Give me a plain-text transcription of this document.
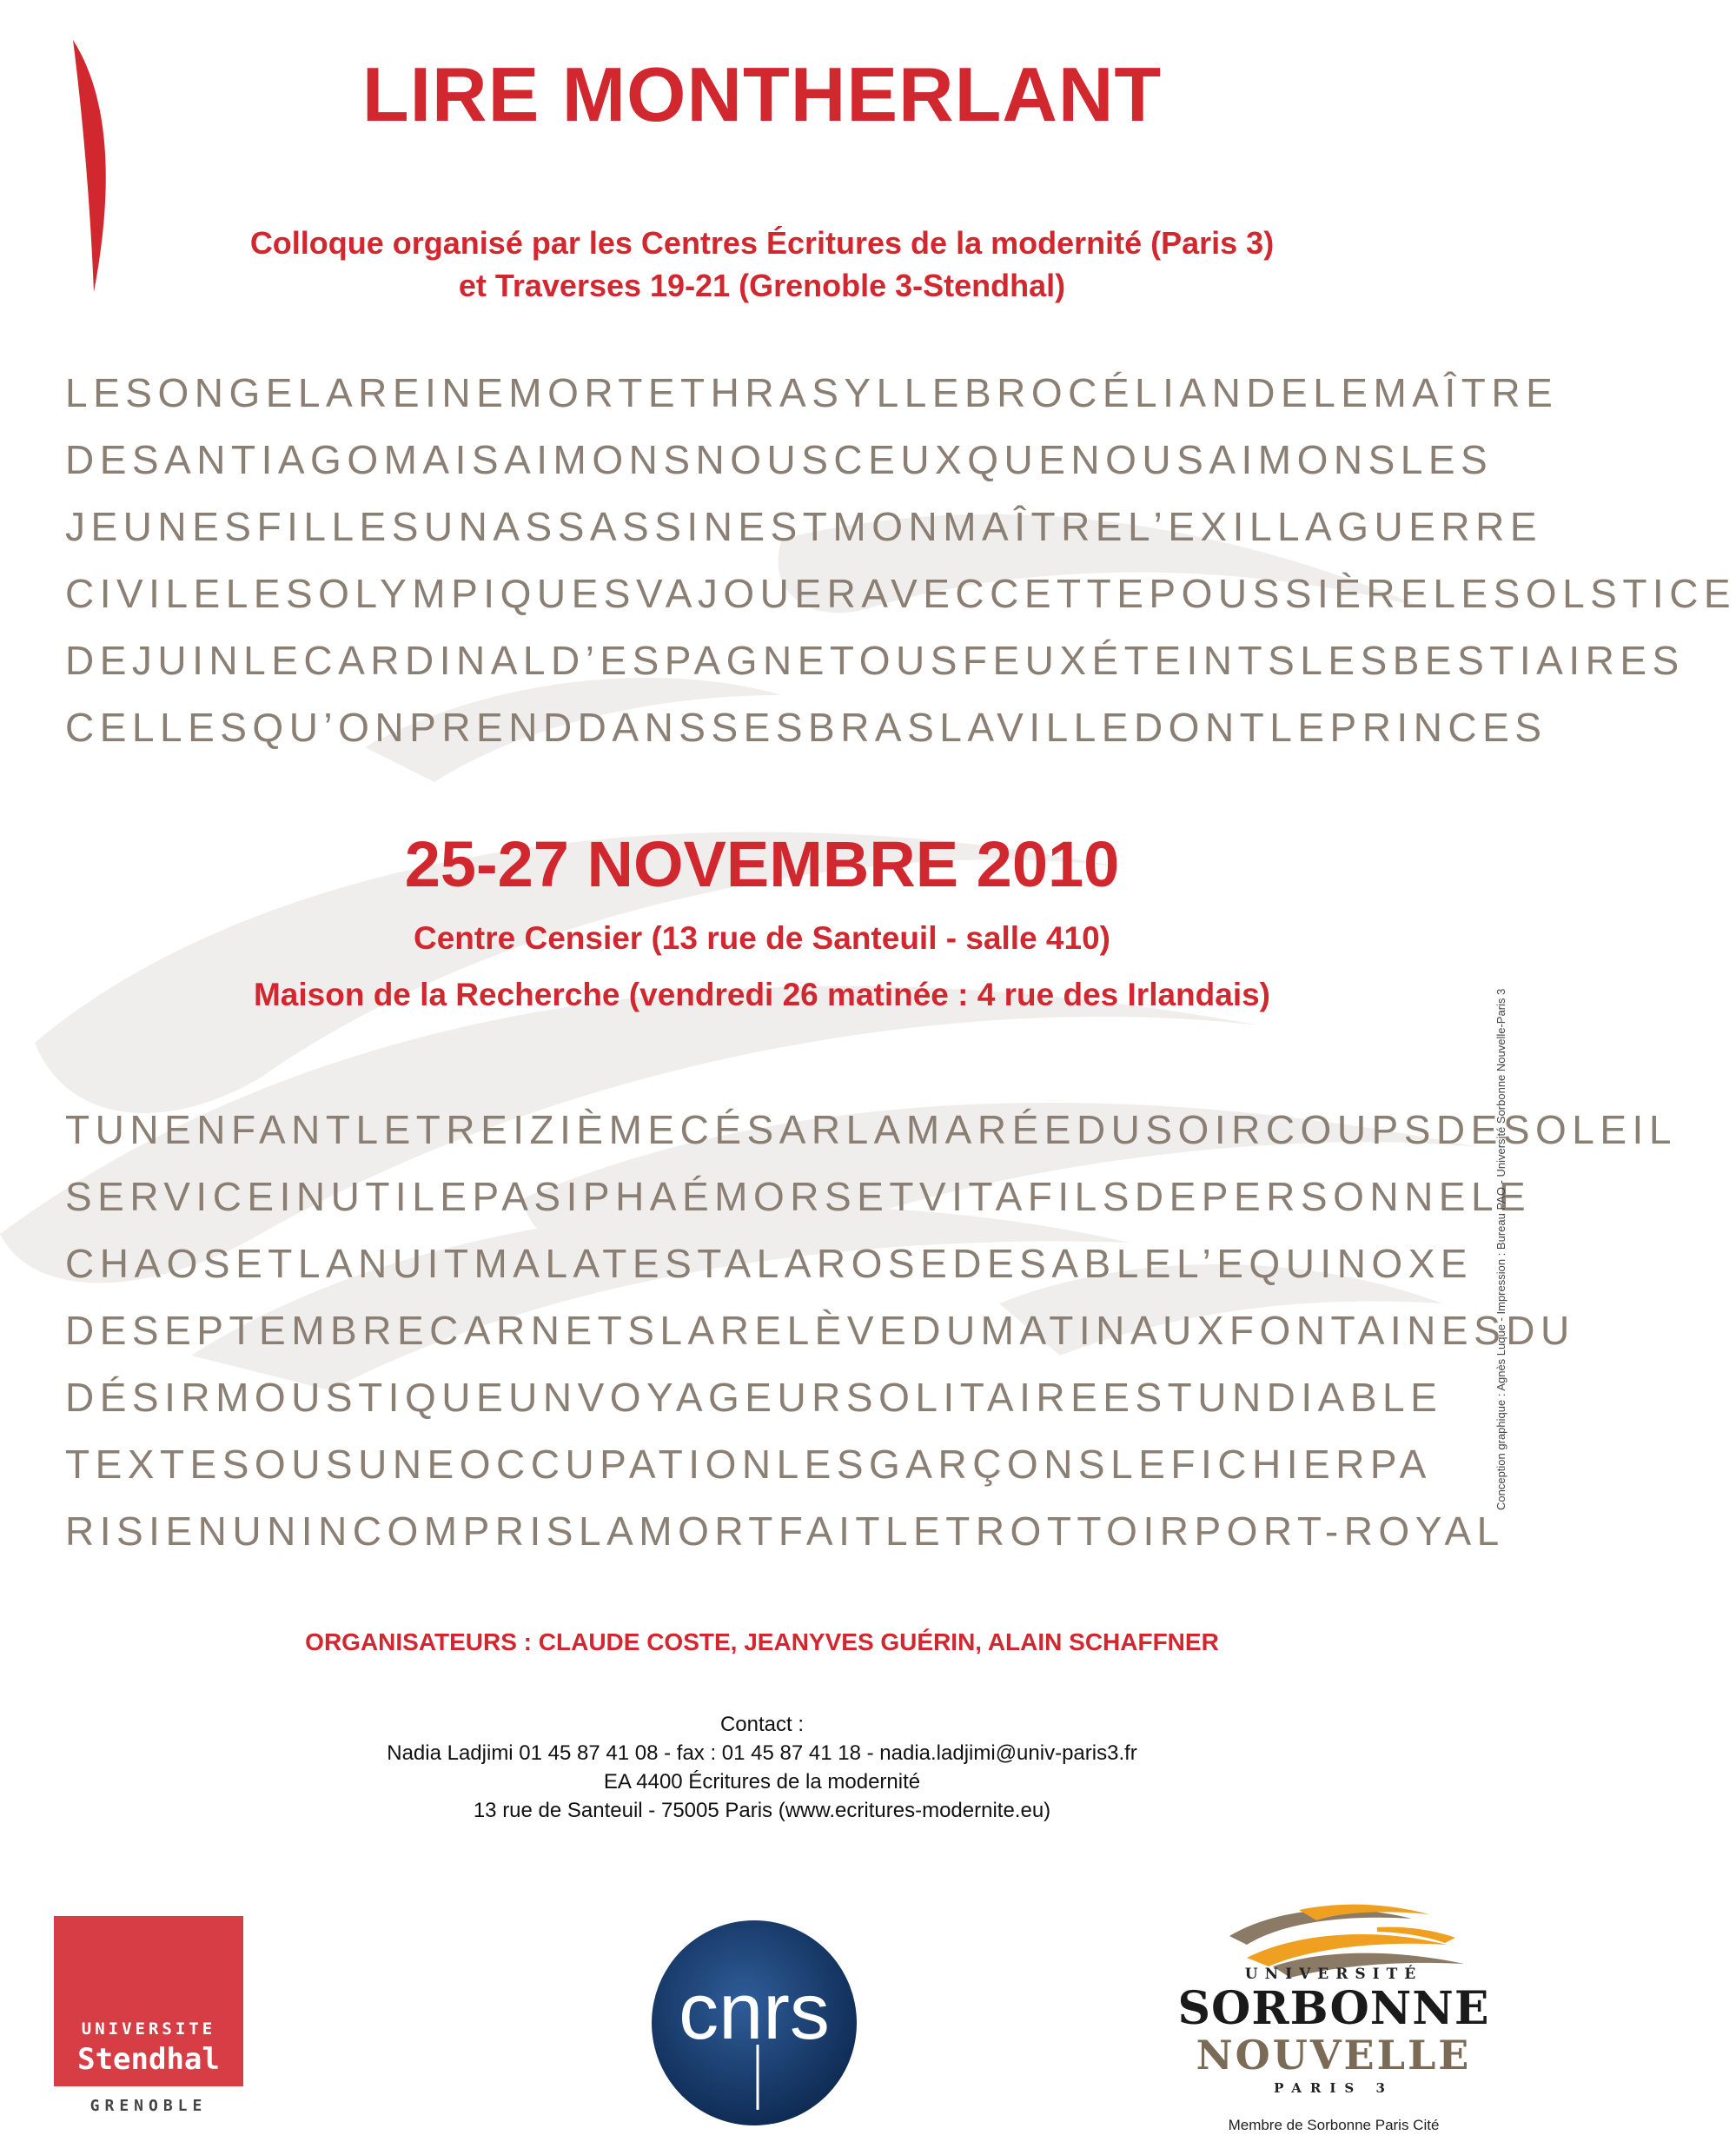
LIRE MONTHERLANT
Colloque organisé par les Centres Écritures de la modernité (Paris 3)
et Traverses 19-21 (Grenoble 3-Stendhal)
LESONGELAREINEMORTETHRASYLLEBROCÉLIANDELEMAÎTRE
DESANTIAGOMAISAIMONSNOUSCEUXQUENOUSAIMONSLES
JEUNESFILLESUNASSASSINESTMONMAÎTREL’EXILLAGUERRE
CIVILELESOLYMPIQUESVAJOUERAVECCETTEPOUSSIÈRELESOLSTICE
DEJUINLECARDINALD’ESPAGNETOUSFEUXÉTEINTSLESBESTIAIRES
CELLESQU’ONPRENDDANSSESBRASLAVILLEDONTLEPRINCES
25-27 NOVEMBRE 2010
Centre Censier (13 rue de Santeuil - salle 410)
Maison de la Recherche (vendredi 26 matinée : 4 rue des Irlandais)
TUNENFANTLETREIZIÈMECÉSARLAMARÉEDUSOIRCOUPSDESOLEIL
SERVICEINUTILEPASIPHAÉMORSETVITAFILSDEPERSONNELE
CHAOSETLANUITMALATESTALAROSEDESABLEL’EQUINOXE
DESEPTEMBRECARNETSLARELÈVEDUMATINAUXFONTAINESDU
DÉSIRMOUSTIQUEUNVOYAGEURSOLITAIREESTUNDIABLE
TEXTESOUSUNEOCCUPATIONLESGARÇONSLEFICHIERPA
RISIENUNINCOMPRISLAMORTFAITLETROTTOIRPORT-ROYAL
ORGANISATEURS : CLAUDE COSTE, JEANYVES GUÉRIN, ALAIN SCHAFFNER
Contact :
Nadia Ladjimi 01 45 87 41 08 - fax : 01 45 87 41 18 - nadia.ladjimi@univ-paris3.fr
EA 4400 Écritures de la modernité
13 rue de Santeuil - 75005 Paris (www.ecritures-modernite.eu)
Conception graphique : Agnès Luque - Impression : Bureau PAO - Université Sorbonne Nouvelle-Paris 3
UNIVERSITE
Stendhal
GRENOBLE
cnrs	UNIVERSITÉ
SORBONNE
NOUVELLE
PARIS 3
Membre de Sorbonne Paris Cité
